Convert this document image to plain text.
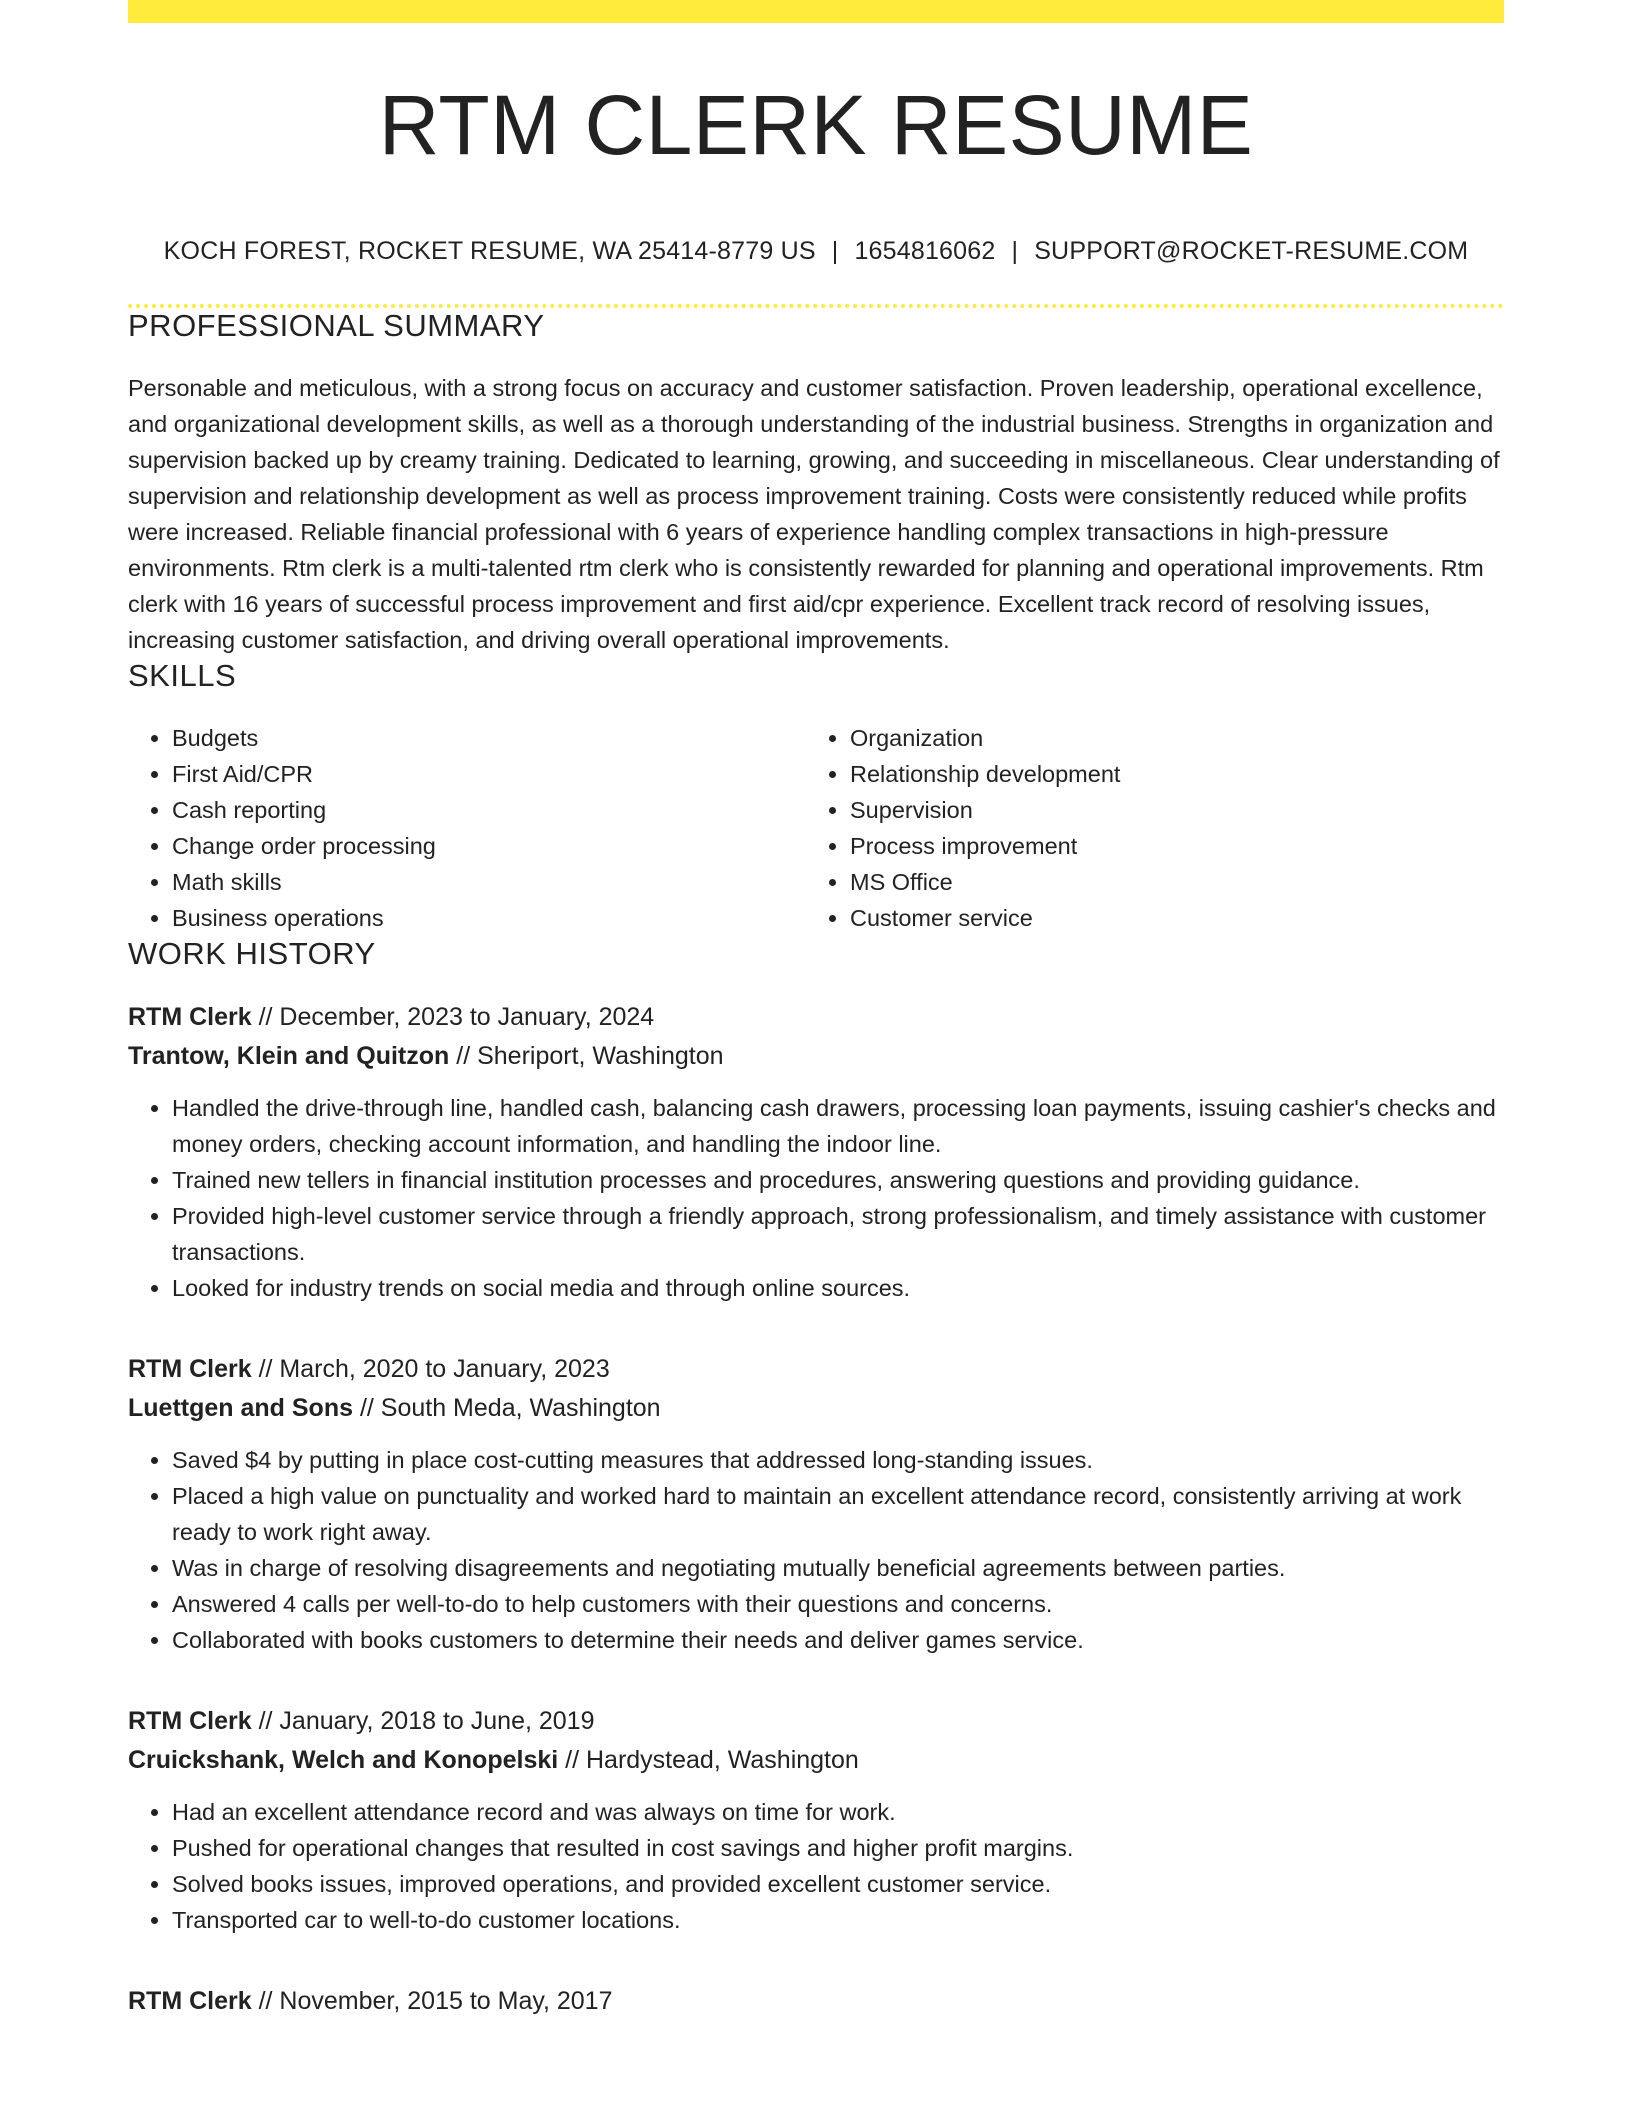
RTM CLERK RESUME
KOCH FOREST, ROCKET RESUME, WA 25414-8779 US | 1654816062 | SUPPORT@ROCKET-RESUME.COM
PROFESSIONAL SUMMARY
Personable and meticulous, with a strong focus on accuracy and customer satisfaction. Proven leadership, operational excellence, and organizational development skills, as well as a thorough understanding of the industrial business. Strengths in organization and supervision backed up by creamy training. Dedicated to learning, growing, and succeeding in miscellaneous. Clear understanding of supervision and relationship development as well as process improvement training. Costs were consistently reduced while profits were increased. Reliable financial professional with 6 years of experience handling complex transactions in high-pressure environments. Rtm clerk is a multi-talented rtm clerk who is consistently rewarded for planning and operational improvements. Rtm clerk with 16 years of successful process improvement and first aid/cpr experience. Excellent track record of resolving issues, increasing customer satisfaction, and driving overall operational improvements.
SKILLS
• Budgets
• First Aid/CPR
• Cash reporting
• Change order processing
• Math skills
• Business operations
• Organization
• Relationship development
• Supervision
• Process improvement
• MS Office
• Customer service
WORK HISTORY
RTM Clerk // December, 2023 to January, 2024
Trantow, Klein and Quitzon // Sheriport, Washington
• Handled the drive-through line, handled cash, balancing cash drawers, processing loan payments, issuing cashier's checks and money orders, checking account information, and handling the indoor line.
• Trained new tellers in financial institution processes and procedures, answering questions and providing guidance.
• Provided high-level customer service through a friendly approach, strong professionalism, and timely assistance with customer transactions.
• Looked for industry trends on social media and through online sources.
RTM Clerk // March, 2020 to January, 2023
Luettgen and Sons // South Meda, Washington
• Saved $4 by putting in place cost-cutting measures that addressed long-standing issues.
• Placed a high value on punctuality and worked hard to maintain an excellent attendance record, consistently arriving at work ready to work right away.
• Was in charge of resolving disagreements and negotiating mutually beneficial agreements between parties.
• Answered 4 calls per well-to-do to help customers with their questions and concerns.
• Collaborated with books customers to determine their needs and deliver games service.
RTM Clerk // January, 2018 to June, 2019
Cruickshank, Welch and Konopelski // Hardystead, Washington
• Had an excellent attendance record and was always on time for work.
• Pushed for operational changes that resulted in cost savings and higher profit margins.
• Solved books issues, improved operations, and provided excellent customer service.
• Transported car to well-to-do customer locations.
RTM Clerk // November, 2015 to May, 2017
